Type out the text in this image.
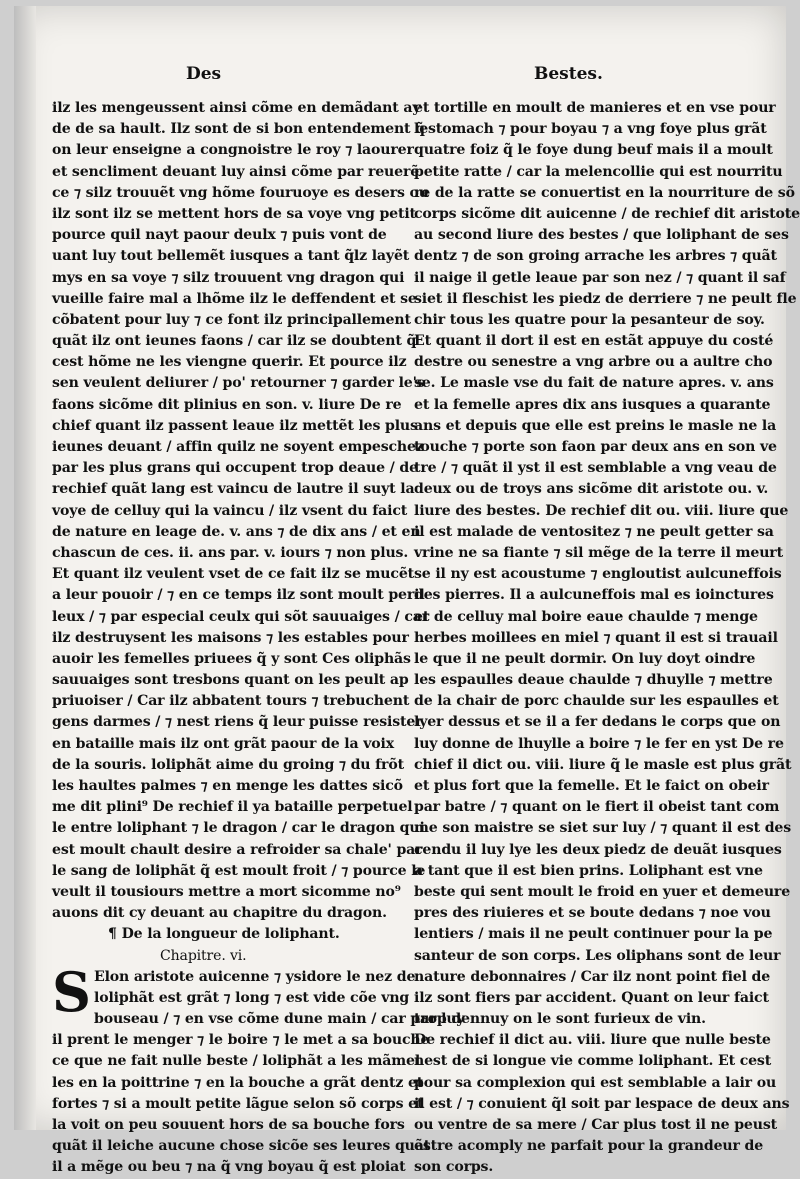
Des	Bestes.
ilz les mengeussent ainsi cõme en demãdant ay
de de sa hault. Ilz sont de si bon entendement q̃
on leur enseigne a congnoistre le roy ⁊ laourer
et sencliment deuant luy ainsi cõme par reuerẽ
ce ⁊ silz trouuẽt vng hõme fouruoye es desers ou
ilz sont ilz se mettent hors de sa voye vng petit
pource quil nayt paour deulx ⁊ puis vont de
uant luy tout bellemẽt iusques a tant q̃lz layẽt
mys en sa voye ⁊ silz trouuent vng dragon qui
vueille faire mal a lhõme ilz le deffendent et se
cõbatent pour luy ⁊ ce font ilz principallement
quãt ilz ont ieunes faons / car ilz se doubtent q̃
cest hõme ne les viengne querir. Et pource ilz
sen veulent deliurer / po' retourner ⁊ garder le's
faons sicõme dit plinius en son. v. liure De re
chief quant ilz passent leaue ilz mettẽt les plus
ieunes deuant / affin quilz ne soyent empeschez
par les plus grans qui occupent trop deaue / de
rechief quãt lang est vaincu de lautre il suyt la
voye de celluy qui la vaincu / ilz vsent du faict
de nature en leage de. v. ans ⁊ de dix ans / et en
chascun de ces. ii. ans par. v. iours ⁊ non plus.
Et quant ilz veulent vset de ce fait ilz se mucẽt
a leur pouoir / ⁊ en ce temps ilz sont moult peril
leux / ⁊ par especial ceulx qui sõt sauuaiges / car
ilz destruysent les maisons ⁊ les estables pour
auoir les femelles priuees q̃ y sont Ces oliphãs
sauuaiges sont tresbons quant on les peult ap
priuoiser / Car ilz abbatent tours ⁊ trebuchent
gens darmes / ⁊ nest riens q̃ leur puisse resister
en bataille mais ilz ont grãt paour de la voix
de la souris. loliphãt aime du groing ⁊ du frõt
les haultes palmes ⁊ en menge les dattes sicõ
me dit plini⁹ De rechief il ya bataille perpetuel
le entre loliphant ⁊ le dragon / car le dragon qui
est moult chault desire a refroider sa chale' par
le sang de loliphãt q̃ est moult froit / ⁊ pource le
veult il tousiours mettre a mort sicomme no⁹
auons dit cy deuant au chapitre du dragon.
¶ De la longueur de loliphant.
Chapitre. vi.
S Elon aristote auicenne ⁊ ysidore le nez de
loliphãt est grãt ⁊ long ⁊ est vide cõe vng
bouseau / ⁊ en vse cõme dune main / car par luy
il prent le menger ⁊ le boire ⁊ le met a sa bouche
ce que ne fait nulle beste / loliphãt a les mãmel
les en la poittrine ⁊ en la bouche a grãt dentz et
fortes ⁊ si a moult petite lãgue selon sõ corps et
la voit on peu souuent hors de sa bouche fors
quãt il leiche aucune chose sicõe ses leures quãt
il a mẽge ou beu ⁊ na q̃ vng boyau q̃ est ploiat
et tortille en moult de manieres et en vse pour
lestomach ⁊ pour boyau ⁊ a vng foye plus grãt
quatre foiz q̃ le foye dung beuf mais il a moult
petite ratte / car la melencollie qui est nourritu
re de la ratte se conuertist en la nourriture de sõ
corps sicõme dit auicenne / de rechief dit aristote
au second liure des bestes / que loliphant de ses
dentz ⁊ de son groing arrache les arbres ⁊ quãt
il naige il getle leaue par son nez / ⁊ quant il saf
siet il fleschist les piedz de derriere ⁊ ne peult fle
chir tous les quatre pour la pesanteur de soy.
Et quant il dort il est en estãt appuye du costé
destre ou senestre a vng arbre ou a aultre cho
se. Le masle vse du fait de nature apres. v. ans
et la femelle apres dix ans iusques a quarante
ans et depuis que elle est preins le masle ne la
touche ⁊ porte son faon par deux ans en son ve
tre / ⁊ quãt il yst il est semblable a vng veau de
deux ou de troys ans sicõme dit aristote ou. v.
liure des bestes. De rechief dit ou. viii. liure que
il est malade de ventositez ⁊ ne peult getter sa
vrine ne sa fiante ⁊ sil mẽge de la terre il meurt
se il ny est acoustume ⁊ engloutist aulcuneffois
des pierres. Il a aulcuneffois mal es ioinctures
et de celluy mal boire eaue chaulde ⁊ menge
herbes moillees en miel ⁊ quant il est si trauail
le que il ne peult dormir. On luy doyt oindre
les espaulles deaue chaulde ⁊ dhuylle ⁊ mettre
de la chair de porc chaulde sur les espaulles et
lyer dessus et se il a fer dedans le corps que on
luy donne de lhuylle a boire ⁊ le fer en yst De re
chief il dict ou. viii. liure q̃ le masle est plus grãt
et plus fort que la femelle. Et le faict on obeir
par batre / ⁊ quant on le fiert il obeist tant com
me son maistre se siet sur luy / ⁊ quant il est des
cendu il luy lye les deux piedz de deuãt iusques
a tant que il est bien prins. Loliphant est vne
beste qui sent moult le froid en yuer et demeure
pres des riuieres et se boute dedans ⁊ noe vou
lentiers / mais il ne peult continuer pour la pe
santeur de son corps. Les oliphans sont de leur
nature debonnaires / Car ilz nont point fiel de
ilz sont fiers par accident. Quant on leur faict
trop dennuy on le sont furieux de vin.
De rechief il dict au. viii. liure que nulle beste
nest de si longue vie comme loliphant. Et cest
pour sa complexion qui est semblable a lair ou
il est / ⁊ conuient q̃l soit par lespace de deux ans
ou ventre de sa mere / Car plus tost il ne peust
estre acomply ne parfait pour la grandeur de
son corps.
